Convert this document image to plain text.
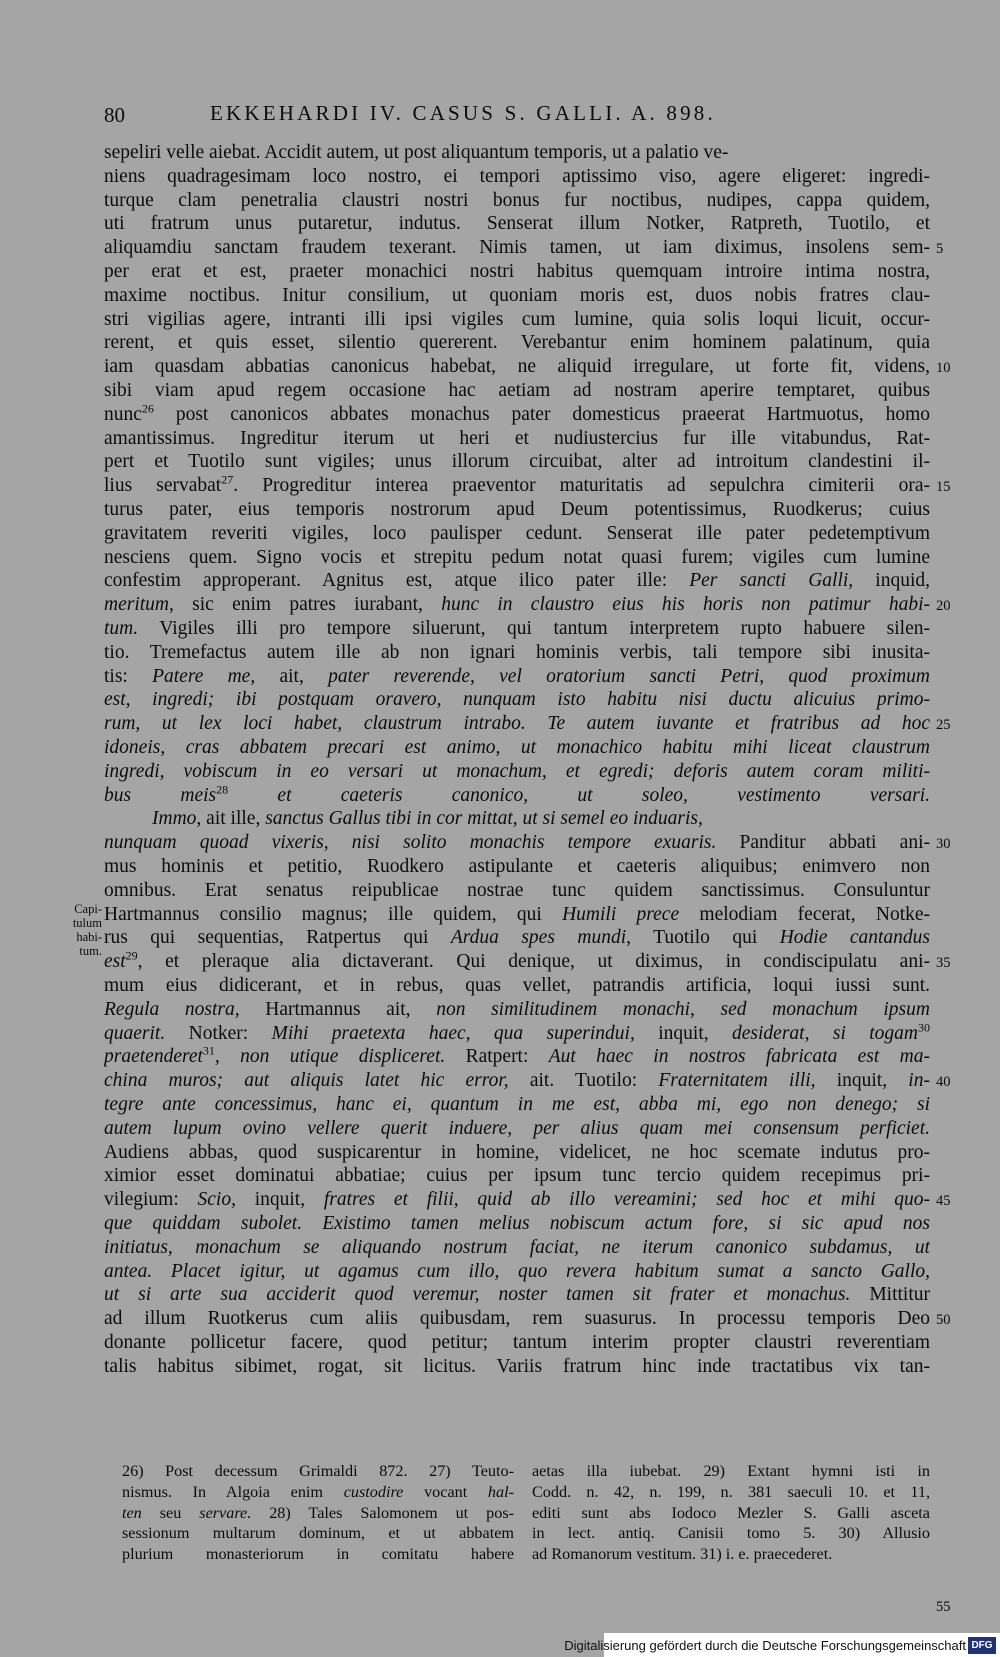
80	EKKEHARDI IV. CASUS S. GALLI. A. 898.
sepeliri velle aiebat. Accidit autem, ut post aliquantum temporis, ut a palatio ve-
niens quadragesimam loco nostro, ei tempori aptissimo viso, agere eligeret: ingredi-
turque clam penetralia claustri nostri bonus fur noctibus, nudipes, cappa quidem,
uti fratrum unus putaretur, indutus. Senserat illum Notker, Ratpreth, Tuotilo, et
aliquamdiu sanctam fraudem texerant. Nimis tamen, ut iam diximus, insolens sem-
per erat et est, praeter monachici nostri habitus quemquam introire intima nostra,
maxime noctibus. Initur consilium, ut quoniam moris est, duos nobis fratres clau-
stri vigilias agere, intranti illi ipsi vigiles cum lumine, quia solis loqui licuit, occur-
rerent, et quis esset, silentio quererent. Verebantur enim hominem palatinum, quia
iam quasdam abbatias canonicus habebat, ne aliquid irregulare, ut forte fit, videns,
sibi viam apud regem occasione hac aetiam ad nostram aperire temptaret, quibus
nunc$^{26}$ post canonicos abbates monachus pater domesticus praeerat Hartmuotus, homo
amantissimus. Ingreditur iterum ut heri et nudiustercius fur ille vitabundus, Rat-
pert et Tuotilo sunt vigiles; unus illorum circuibat, alter ad introitum clandestini il-
lius servabat$^{27}$. Progreditur interea praeventor maturitatis ad sepulchra cimiterii ora-
turus pater, eius temporis nostrorum apud Deum potentissimus, Ruodkerus; cuius
gravitatem reveriti vigiles, loco paulisper cedunt. Senserat ille pater pedetemptivum
nesciens quem. Signo vocis et strepitu pedum notat quasi furem; vigiles cum lumine
confestim approperant. Agnitus est, atque ilico pater ille: Per sancti Galli, inquid,
meritum, sic enim patres iurabant, hunc in claustro eius his horis non patimur habi-
tum. Vigiles illi pro tempore siluerunt, qui tantum interpretem rupto habuere silen-
tio. Tremefactus autem ille ab non ignari hominis verbis, tali tempore sibi inusita-
tis: Patere me, ait, pater reverende, vel oratorium sancti Petri, quod proximum
est, ingredi; ibi postquam oravero, nunquam isto habitu nisi ductu alicuius primo-
rum, ut lex loci habet, claustrum intrabo. Te autem iuvante et fratribus ad hoc
idoneis, cras abbatem precari est animo, ut monachico habitu mihi liceat claustrum
ingredi, vobiscum in eo versari ut monachum, et egredi; deforis autem coram militi-
bus meis$^{28}$ et caeteris canonico, ut soleo, vestimento versari.
Immo, ait ille, sanctus Gallus tibi in cor mittat, ut si semel eo induaris,
nunquam quoad vixeris, nisi solito monachis tempore exuaris. Panditur abbati ani-
mus hominis et petitio, Ruodkero astipulante et caeteris aliquibus; enimvero non
omnibus. Erat senatus reipublicae nostrae tunc quidem sanctissimus. Consuluntur
Hartmannus consilio magnus; ille quidem, qui Humili prece melodiam fecerat, Notke-
rus qui sequentias, Ratpertus qui Ardua spes mundi, Tuotilo qui Hodie cantandus
est$^{29}$, et pleraque alia dictaverant. Qui denique, ut diximus, in condiscipulatu ani-
mum eius didicerant, et in rebus, quas vellet, patrandis artificia, loqui iussi sunt.
Regula nostra, Hartmannus ait, non similitudinem monachi, sed monachum ipsum
quaerit. Notker: Mihi praetexta haec, qua superindui, inquit, desiderat, si togam$^{30}$
praetenderet$^{31}$, non utique displiceret. Ratpert: Aut haec in nostros fabricata est ma-
china muros; aut aliquis latet hic error, ait. Tuotilo: Fraternitatem illi, inquit, in-
tegre ante concessimus, hanc ei, quantum in me est, abba mi, ego non denego; si
autem lupum ovino vellere querit induere, per alius quam mei consensum perficiet.
Audiens abbas, quod suspicarentur in homine, videlicet, ne hoc scemate indutus pro-
ximior esset dominatui abbatiae; cuius per ipsum tunc tercio quidem recepimus pri-
vilegium: Scio, inquit, fratres et filii, quid ab illo vereamini; sed hoc et mihi quo-
que quiddam subolet. Existimo tamen melius nobiscum actum fore, si sic apud nos
initiatus, monachum se aliquando nostrum faciat, ne iterum canonico subdamus, ut
antea. Placet igitur, ut agamus cum illo, quo revera habitum sumat a sancto Gallo,
ut si arte sua acciderit quod veremur, noster tamen sit frater et monachus. Mittitur
ad illum Ruotkerus cum aliis quibusdam, rem suasurus. In processu temporis Deo
donante pollicetur facere, quod petitur; tantum interim propter claustri reverentiam
talis habitus sibimet, rogat, sit licitus. Variis fratrum hinc inde tractatibus vix tan-
5
10
15
20
25
30
35
40
45
50
55
Capi-
tulum
habi-
tum.
26) Post decessum Grimaldi 872. 27) Teuto-
nismus. In Algoia enim custodire vocant hal-
ten seu servare. 28) Tales Salomonem ut pos-
sessionum multarum dominum, et ut abbatem
plurium monasteriorum in comitatu habere
aetas illa iubebat. 29) Extant hymni isti in
Codd. n. 42, n. 199, n. 381 saeculi 10. et 11,
editi sunt abs Iodoco Mezler S. Galli asceta
in lect. antiq. Canisii tomo 5. 30) Allusio
ad Romanorum vestitum. 31) i. e. praecederet.
Digitalisierung gefördert durch die Deutsche Forschungsgemeinschaft DFG
